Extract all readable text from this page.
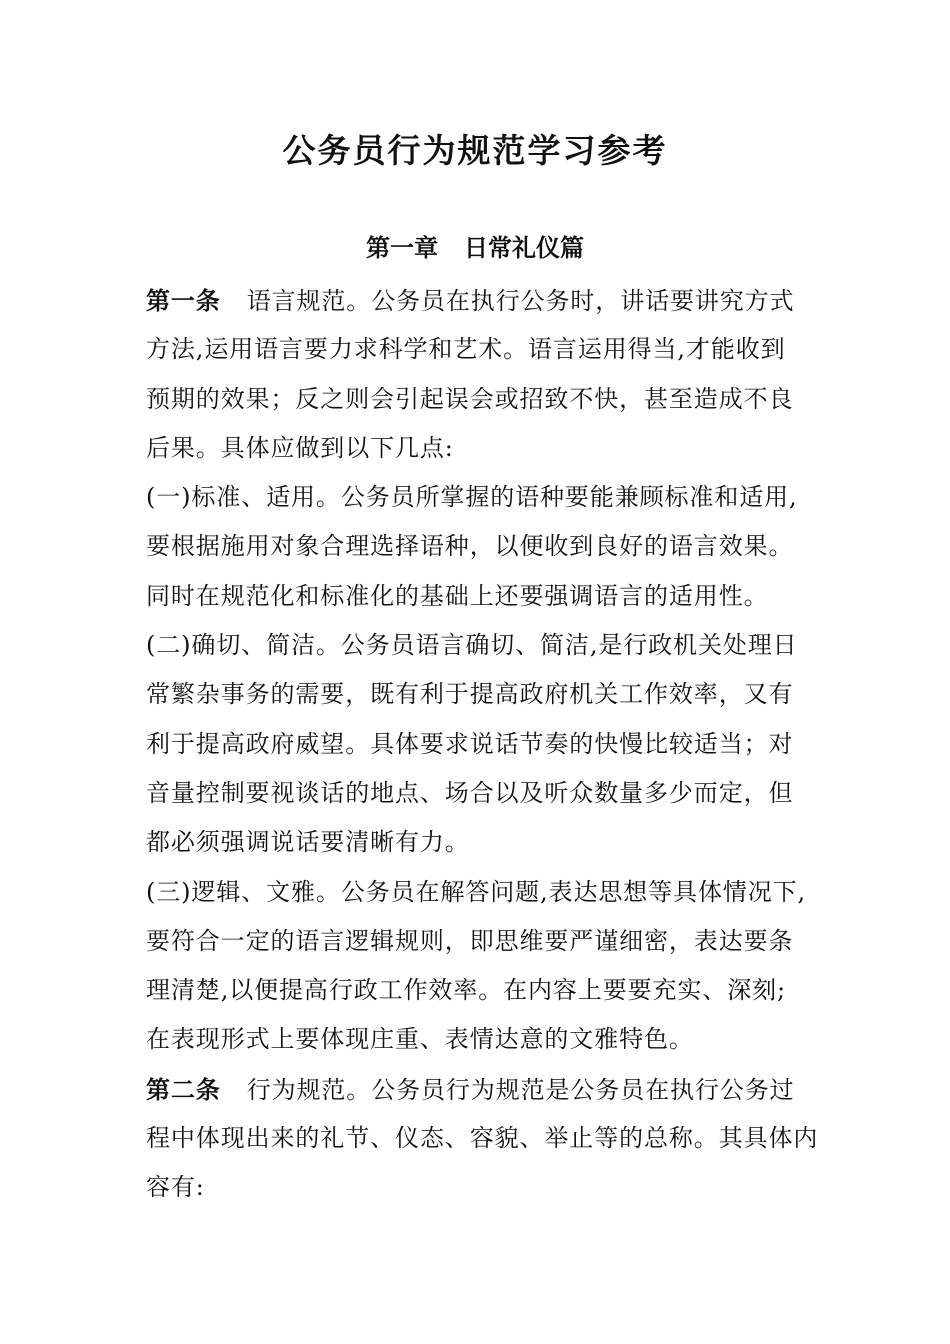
公务员行为规范学习参考
第一章 日常礼仪篇
第一条 语言规范。公务员在执行公务时，讲话要讲究方式
方法,运用语言要力求科学和艺术。语言运用得当,才能收到
预期的效果；反之则会引起误会或招致不快，甚至造成不良
后果。具体应做到以下几点:
(一)标准、适用。公务员所掌握的语种要能兼顾标准和适用,
要根据施用对象合理选择语种，以便收到良好的语言效果。
同时在规范化和标准化的基础上还要强调语言的适用性。
(二)确切、简洁。公务员语言确切、简洁,是行政机关处理日
常繁杂事务的需要，既有利于提高政府机关工作效率，又有
利于提高政府威望。具体要求说话节奏的快慢比较适当；对
音量控制要视谈话的地点、场合以及听众数量多少而定，但
都必须强调说话要清晰有力。
(三)逻辑、文雅。公务员在解答问题,表达思想等具体情况下,
要符合一定的语言逻辑规则，即思维要严谨细密，表达要条
理清楚,以便提高行政工作效率。在内容上要要充实、深刻;
在表现形式上要体现庄重、表情达意的文雅特色。
第二条 行为规范。公务员行为规范是公务员在执行公务过
程中体现出来的礼节、仪态、容貌、举止等的总称。其具体内
容有:
